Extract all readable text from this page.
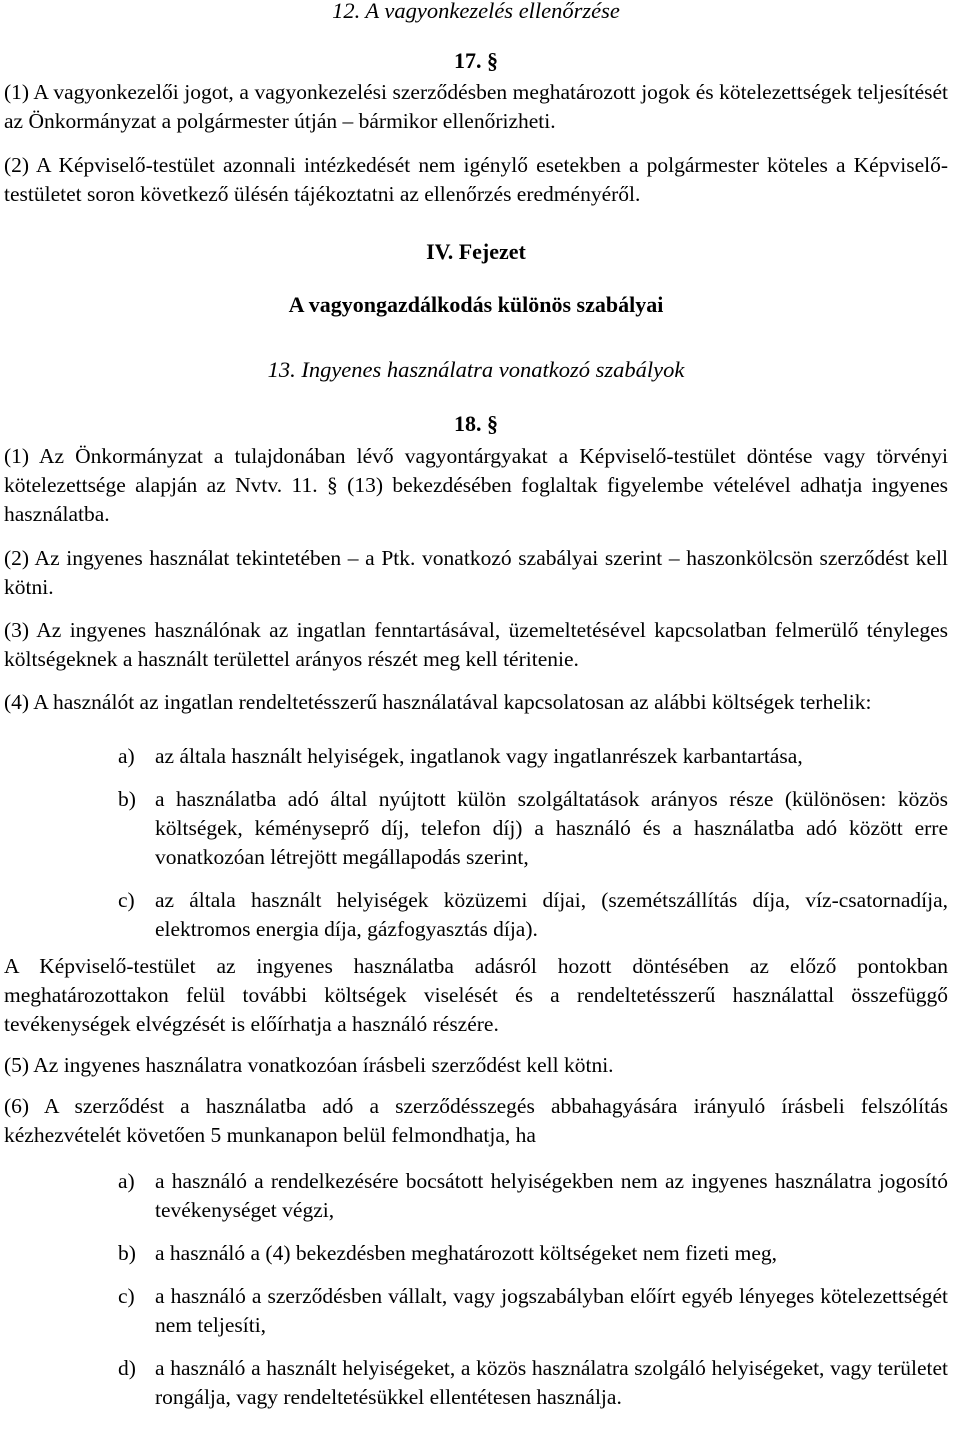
12. A vagyonkezelés ellenőrzése

17. §

(1) A vagyonkezelői jogot, a vagyonkezelési szerződésben meghatározott jogok és kötelezettségek teljesítését az Önkormányzat a polgármester útján – bármikor ellenőrizheti.

(2) A Képviselő-testület azonnali intézkedését nem igénylő esetekben a polgármester köteles a Képviselő-testületet soron következő ülésén tájékoztatni az ellenőrzés eredményéről.

IV. Fejezet

A vagyongazdálkodás különös szabályai

13. Ingyenes használatra vonatkozó szabályok

18. §

(1) Az Önkormányzat a tulajdonában lévő vagyontárgyakat a Képviselő-testület döntése vagy törvényi kötelezettsége alapján az Nvtv. 11. § (13) bekezdésében foglaltak figyelembe vételével adhatja ingyenes használatba.

(2) Az ingyenes használat tekintetében – a Ptk. vonatkozó szabályai szerint – haszonkölcsön szerződést kell kötni.

(3) Az ingyenes használónak az ingatlan fenntartásával, üzemeltetésével kapcsolatban felmerülő tényleges költségeknek a használt területtel arányos részét meg kell téritenie.

(4) A használót az ingatlan rendeltetésszerű használatával kapcsolatosan az alábbi költségek terhelik:

a) az általa használt helyiségek, ingatlanok vagy ingatlanrészek karbantartása,
b) a használatba adó által nyújtott külön szolgáltatások arányos része (különösen: közös költségek, kéményseprő díj, telefon díj) a használó és a használatba adó között erre vonatkozóan létrejött megállapodás szerint,
c) az általa használt helyiségek közüzemi díjai, (szemétszállítás díja, víz-csatornadíja, elektromos energia díja, gázfogyasztás díja).

A Képviselő-testület az ingyenes használatba adásról hozott döntésében az előző pontokban meghatározottakon felül további költségek viselését és a rendeltetésszerű használattal összefüggő tevékenységek elvégzését is előírhatja a használó részére.

(5) Az ingyenes használatra vonatkozóan írásbeli szerződést kell kötni.

(6) A szerződést a használatba adó a szerződésszegés abbahagyására irányuló írásbeli felszólítás kézhezvételét követően 5 munkanapon belül felmondhatja, ha

a) a használó a rendelkezésére bocsátott helyiségekben nem az ingyenes használatra jogosító tevékenységet végzi,
b) a használó a (4) bekezdésben meghatározott költségeket nem fizeti meg,
c) a használó a szerződésben vállalt, vagy jogszabályban előírt egyéb lényeges kötelezettségét nem teljesíti,
d) a használó a használt helyiségeket, a közös használatra szolgáló helyiségeket, vagy területet rongálja, vagy rendeltetésükkel ellentétesen használja.
